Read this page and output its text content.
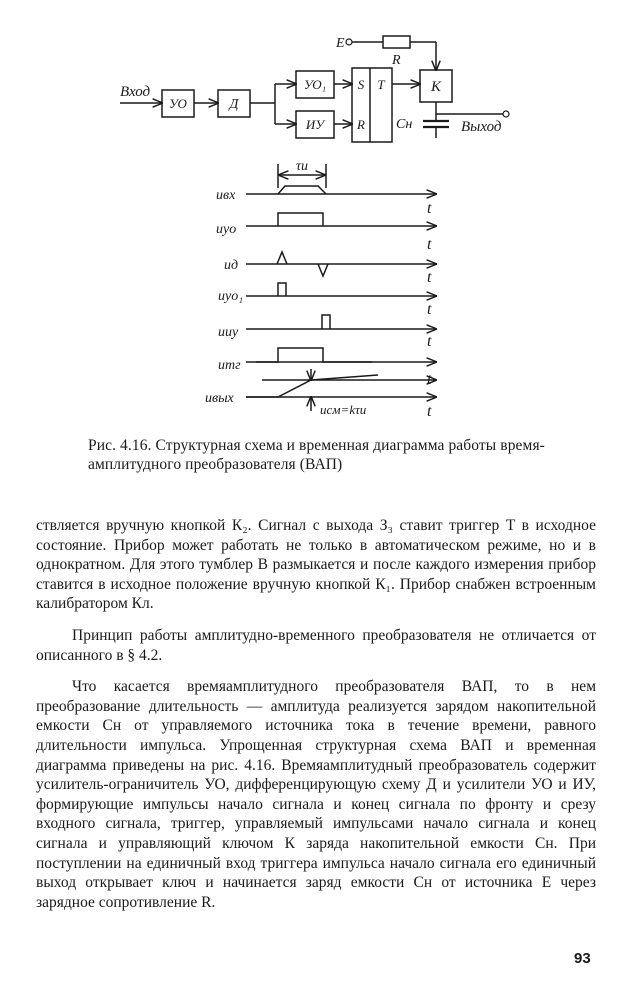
Вход
УО	Д
УО₁
ИУ
S T
R
К
E
R
Cн	Выход
τи
uвх
uуо
uд
uуо₁
uиу
uтг
uвых
uсм=kτи
t
t
t
t
t
t
t
Рис. 4.16. Структурная схема и временная диаграмма работы время-амплитудного преобразователя (ВАП)

ствляется вручную кнопкой К₂. Сигнал с выхода З₃ ставит триггер T в исходное состояние. Прибор может работать не только в автоматическом режиме, но и в однократном. Для этого тумблер B размыкается и после каждого измерения прибор ставится в исходное положение вручную кнопкой К₁. Прибор снабжен встроенным калибратором Кл.

Принцип работы амплитудно-временного преобразователя не отличается от описанного в § 4.2.

Что касается времяамплитудного преобразователя ВАП, то в нем преобразование длительность — амплитуда реализуется зарядом накопительной емкости Cн от управляемого источника тока в течение времени, равного длительности импульса. Упрощенная структурная схема ВАП и временная диаграмма приведены на рис. 4.16. Времяамплитудный преобразователь содержит усилитель-ограничитель УО, дифференцирующую схему Д и усилители УО и ИУ, формирующие импульсы начало сигнала и конец сигнала по фронту и срезу входного сигнала, триггер, управляемый импульсами начало сигнала и конец сигнала и управляющий ключом К заряда накопительной емкости Cн. При поступлении на единичный вход триггера импульса начало сигнала его единичный выход открывает ключ и начинается заряд емкости Cн от источника E через зарядное сопротивление R.

93
